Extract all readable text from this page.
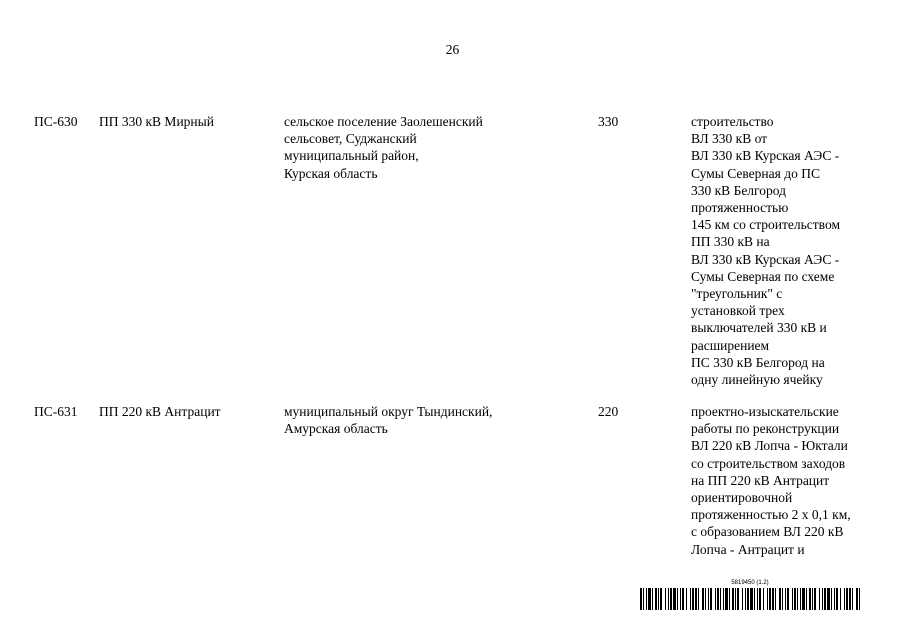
26
ПС-630	ПП 330 кВ Мирный	сельское поселение Заолешенский
сельсовет, Суджанский
муниципальный район,
Курская область
330	строительство
ВЛ 330 кВ от
ВЛ 330 кВ Курская АЭС -
Сумы Северная до ПС
330 кВ Белгород
протяженностью
145 км со строительством
ПП 330 кВ на
ВЛ 330 кВ Курская АЭС -
Сумы Северная по схеме
"треугольник" с
установкой трех
выключателей 330 кВ и
расширением
ПС 330 кВ Белгород на
одну линейную ячейку
ПС-631	ПП 220 кВ Антрацит	муниципальный округ Тындинский,
Амурская область
220	проектно-изыскательские
работы по реконструкции
ВЛ 220 кВ Лопча - Юктали
со строительством заходов
на ПП 220 кВ Антрацит
ориентировочной
протяженностью 2 x 0,1 км,
с образованием ВЛ 220 кВ
Лопча - Антрацит и
5819450 (1.2)
